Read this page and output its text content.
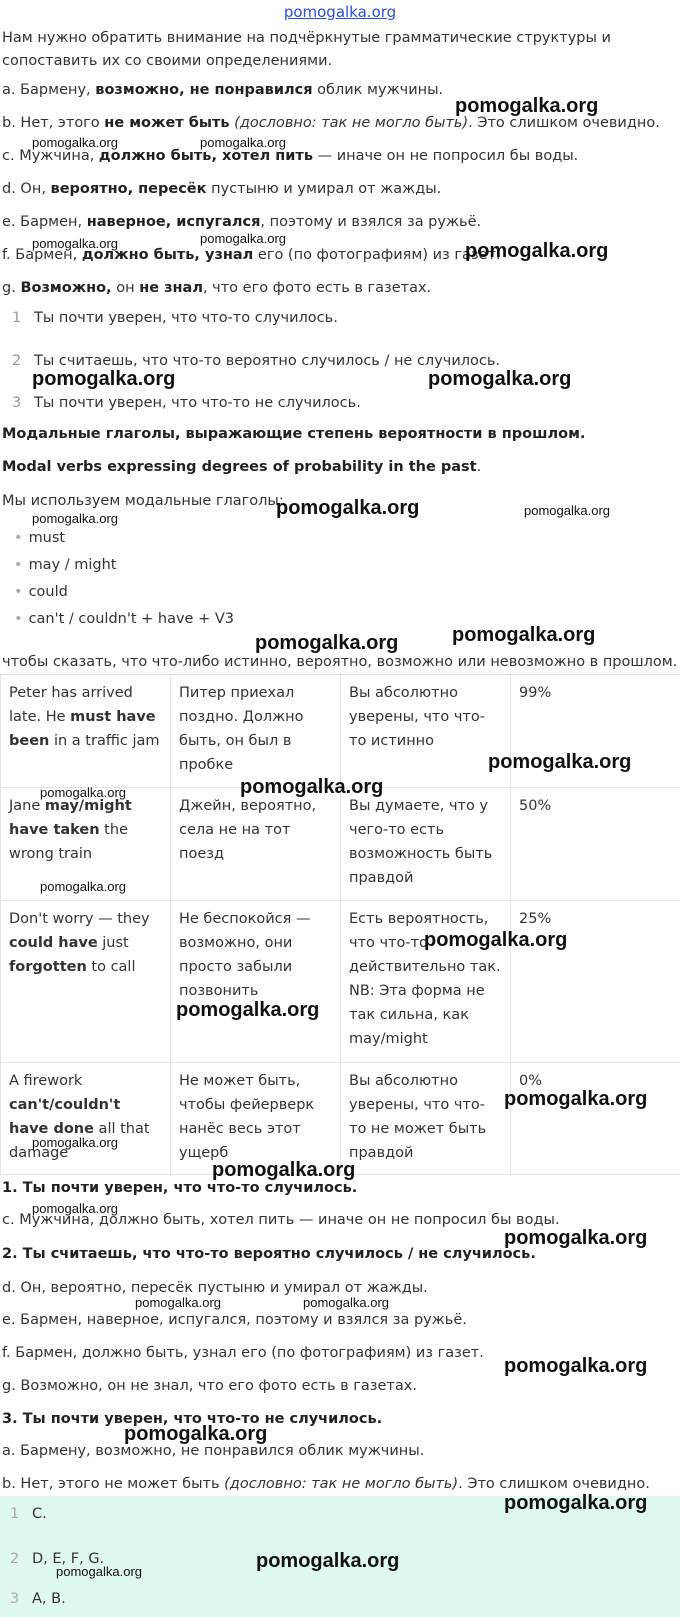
pomogalka.org
Нам нужно обратить внимание на подчёркнутые грамматические структуры и
сопоставить их со своими определениями.
a. Бармену, возможно, не понравился облик мужчины.
b. Нет, этого не может быть (дословно: так не могло быть). Это слишком очевидно.
c. Мужчина, должно быть, хотел пить — иначе он не попросил бы воды.
d. Он, вероятно, пересёк пустыню и умирал от жажды.
e. Бармен, наверное, испугался, поэтому и взялся за ружьё.
f. Бармен, должно быть, узнал его (по фотографиям) из газет.
g. Возможно, он не знал, что его фото есть в газетах.
1 Ты почти уверен, что что-то случилось.
2 Ты считаешь, что что-то вероятно случилось / не случилось.
3 Ты почти уверен, что что-то не случилось.
Модальные глаголы, выражающие степень вероятности в прошлом.
Modal verbs expressing degrees of probability in the past.
Мы используем модальные глаголы:
• must
• may / might
• could
• can't / couldn't + have + V3
чтобы сказать, что что-либо истинно, вероятно, возможно или невозможно в прошлом.
Peter has arrived late. He must have been in a traffic jam	Питер приехал поздно. Должно быть, он был в пробке	Вы абсолютно уверены, что что-то истинно	99%
Jane may/might have taken the wrong train	Джейн, вероятно, села не на тот поезд	Вы думаете, что у чего-то есть возможность быть правдой	50%
Don't worry — they could have just forgotten to call	Не беспокойся — возможно, они просто забыли позвонить	Есть вероятность, что что-то действительно так. NB: Эта форма не так сильна, как may/might	25%
A firework can't/couldn't have done all that damage	Не может быть, чтобы фейерверк нанёс весь этот ущерб	Вы абсолютно уверены, что что-то не может быть правдой	0%
1. Ты почти уверен, что что-то случилось.
c. Мужчина, должно быть, хотел пить — иначе он не попросил бы воды.
2. Ты считаешь, что что-то вероятно случилось / не случилось.
d. Он, вероятно, пересёк пустыню и умирал от жажды.
e. Бармен, наверное, испугался, поэтому и взялся за ружьё.
f. Бармен, должно быть, узнал его (по фотографиям) из газет.
g. Возможно, он не знал, что его фото есть в газетах.
3. Ты почти уверен, что что-то не случилось.
a. Бармену, возможно, не понравился облик мужчины.
b. Нет, этого не может быть (дословно: так не могло быть). Это слишком очевидно.
1 C.
2 D, E, F, G.
3 A, B.
pomogalka.org
pomogalka.org	pomogalka.org
pomogalka.org
pomogalka.org	pomogalka.org
pomogalka.org	pomogalka.org
pomogalka.org	pomogalka.org
pomogalka.org
pomogalka.org
pomogalka.org
pomogalka.org
pomogalka.org
pomogalka.org
pomogalka.org
pomogalka.org
pomogalka.org
pomogalka.org
pomogalka.org
pomogalka.org
pomogalka.org
pomogalka.org
pomogalka.org	pomogalka.org
pomogalka.org
pomogalka.org
pomogalka.org
pomogalka.org
pomogalka.org
